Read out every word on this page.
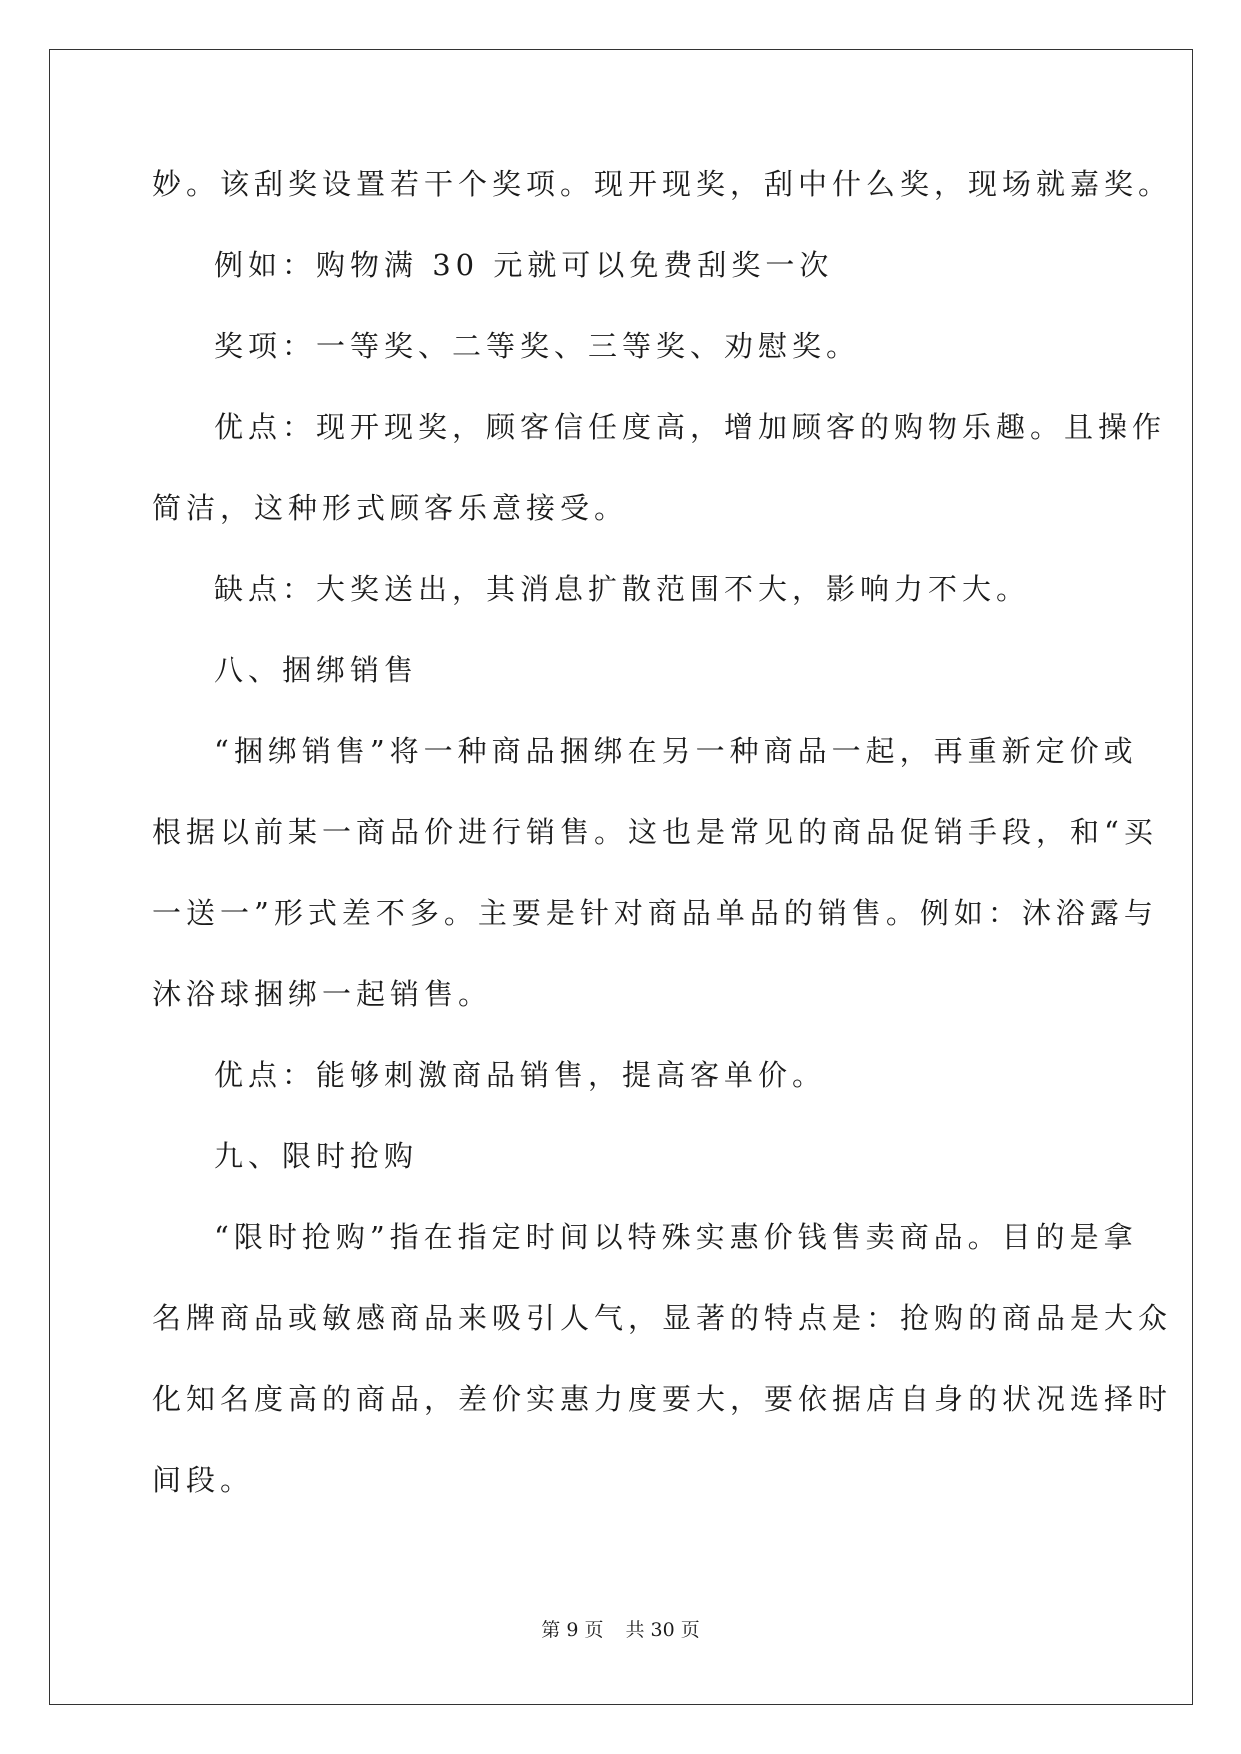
妙。该刮奖设置若干个奖项。现开现奖，刮中什么奖，现场就嘉奖。
例如：购物满 30 元就可以免费刮奖一次
奖项：一等奖、二等奖、三等奖、劝慰奖。
优点：现开现奖，顾客信任度高，增加顾客的购物乐趣。且操作
简洁，这种形式顾客乐意接受。
缺点：大奖送出，其消息扩散范围不大，影响力不大。
八、捆绑销售
“捆绑销售”将一种商品捆绑在另一种商品一起，再重新定价或
根据以前某一商品价进行销售。这也是常见的商品促销手段，和“买
一送一”形式差不多。主要是针对商品单品的销售。例如：沐浴露与
沐浴球捆绑一起销售。
优点：能够刺激商品销售，提高客单价。
九、限时抢购
“限时抢购”指在指定时间以特殊实惠价钱售卖商品。目的是拿
名牌商品或敏感商品来吸引人气，显著的特点是：抢购的商品是大众
化知名度高的商品，差价实惠力度要大，要依据店自身的状况选择时
间段。
第 9 页 共 30 页
